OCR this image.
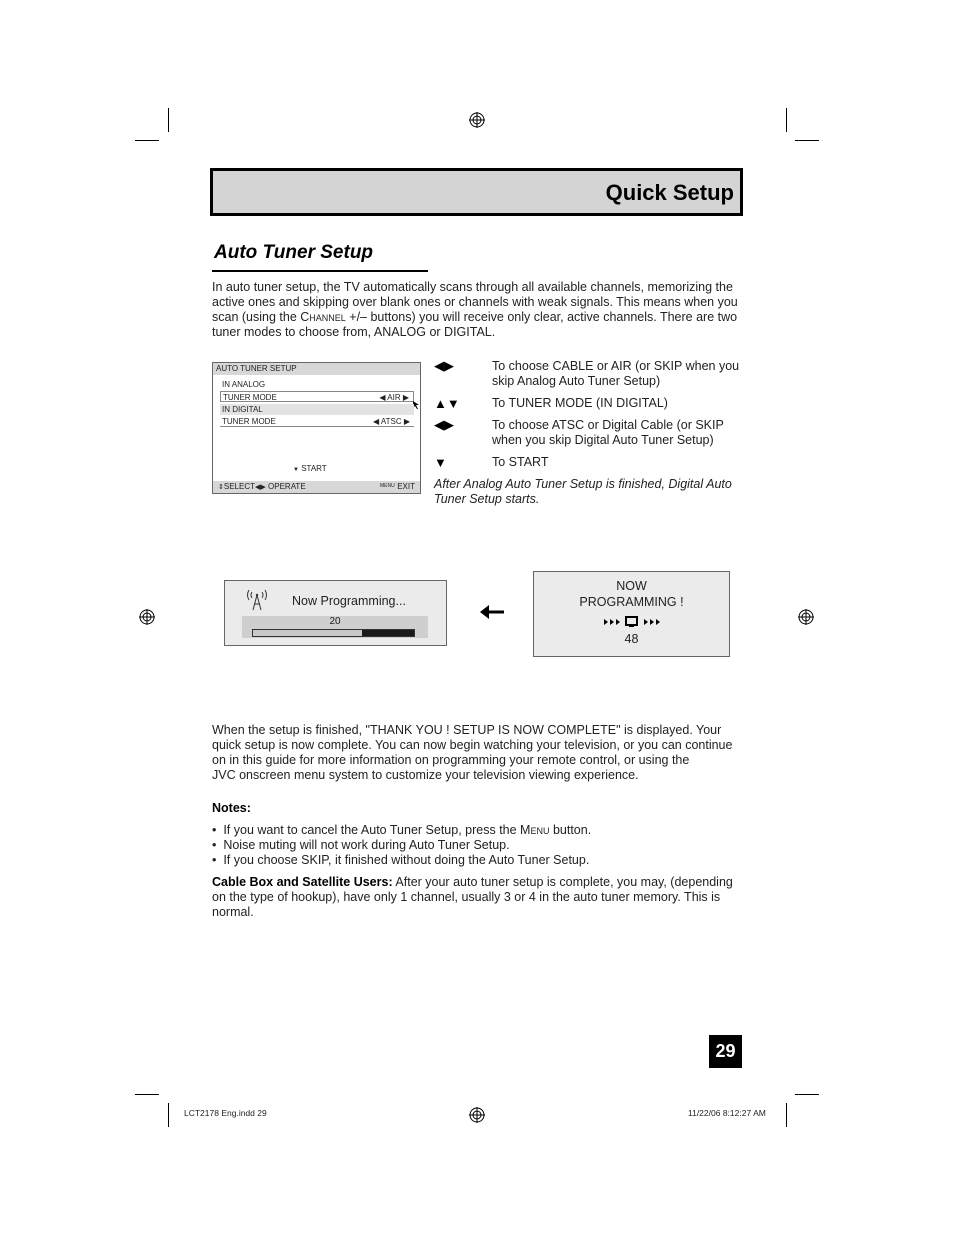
Quick Setup
Auto Tuner Setup
In auto tuner setup, the TV automatically scans through all available channels, memorizing the active ones and skipping over blank ones or channels with weak signals. This means when you scan (using the Channel +/– buttons) you will receive only clear, active channels. There are two tuner modes to choose from, ANALOG or DIGITAL.
AUTO TUNER SETUP
IN ANALOG
TUNER MODE	◀ AIR ▶
IN DIGITAL
TUNER MODE	◀ ATSC ▶
▼ START
⇕SELECT◀▶ OPERATE	MENU EXIT
◀▶	To choose CABLE or AIR (or SKIP when you skip Analog Auto Tuner Setup)
▲▼	To TUNER MODE (IN DIGITAL)
◀▶	To choose ATSC or Digital Cable (or SKIP when you skip Digital Auto Tuner Setup)
▼	To START
After Analog Auto Tuner Setup is finished, Digital Auto Tuner Setup starts.
Now Programming...
20
NOW
PROGRAMMING !
48
When the setup is finished, "THANK YOU ! SETUP IS NOW COMPLETE" is displayed. Your
quick setup is now complete. You can now begin watching your television, or you can continue
on in this guide for more information on programming your remote control, or using the
JVC onscreen menu system to customize your television viewing experience.
Notes:
•  If you want to cancel the Auto Tuner Setup, press the Menu button.
•  Noise muting will not work during Auto Tuner Setup.
•  If you choose SKIP, it finished without doing the Auto Tuner Setup.
Cable Box and Satellite Users: After your auto tuner setup is complete, you may, (depending on the type of hookup), have only 1 channel, usually 3 or 4 in the auto tuner memory. This is normal.
29
LCT2178 Eng.indd 29	11/22/06 8:12:27 AM
